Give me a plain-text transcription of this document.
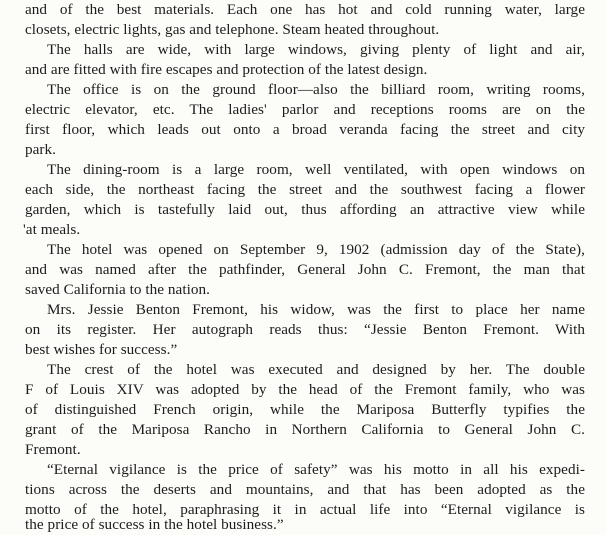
and of the best materials. Each one has hot and cold running water, large
closets, electric lights, gas and telephone. Steam heated throughout.
The halls are wide, with large windows, giving plenty of light and air,
and are fitted with fire escapes and protection of the latest design.
The office is on the ground floor—also the billiard room, writing rooms,
electric elevator, etc. The ladies' parlor and receptions rooms are on the
first floor, which leads out onto a broad veranda facing the street and city
park.
The dining-room is a large room, well ventilated, with open windows on
each side, the northeast facing the street and the southwest facing a flower
garden, which is tastefully laid out, thus affording an attractive view while
'at meals.
The hotel was opened on September 9, 1902 (admission day of the State),
and was named after the pathfinder, General John C. Fremont, the man that
saved California to the nation.
Mrs. Jessie Benton Fremont, his widow, was the first to place her name
on its register. Her autograph reads thus: “Jessie Benton Fremont. With
best wishes for success.”
The crest of the hotel was executed and designed by her. The double
F of Louis XIV was adopted by the head of the Fremont family, who was
of distinguished French origin, while the Mariposa Butterfly typifies the
grant of the Mariposa Rancho in Northern California to General John C.
Fremont.
“Eternal vigilance is the price of safety” was his motto in all his expedi-
tions across the deserts and mountains, and that has been adopted as the
motto of the hotel, paraphrasing it in actual life into “Eternal vigilance is
the price of success in the hotel business.”
